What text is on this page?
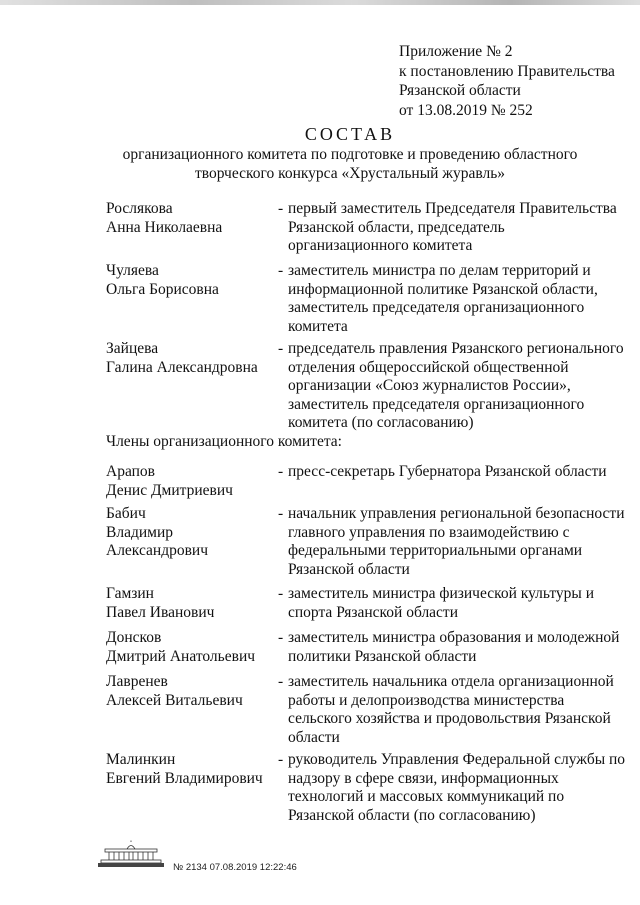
Приложение № 2
к постановлению Правительства
Рязанской области
от 13.08.2019 № 252
СОСТАВ
организационного комитета по подготовке и проведению областного
творческого конкурса «Хрустальный журавль»
Рослякова
Анна Николаевна
- первый заместитель Председателя Правительства Рязанской области, председатель организационного комитета
Чуляева
Ольга Борисовна
- заместитель министра по делам территорий и информационной политике Рязанской области, заместитель председателя организационного комитета
Зайцева
Галина Александровна
- председатель правления Рязанского регионального отделения общероссийской общественной организации «Союз журналистов России», заместитель председателя организационного комитета (по согласованию)
Члены организационного комитета:
Арапов
Денис Дмитриевич
- пресс-секретарь Губернатора Рязанской области
Бабич
Владимир
Александрович
- начальник управления региональной безопасности главного управления по взаимодействию с федеральными территориальными органами Рязанской области
Гамзин
Павел Иванович
- заместитель министра физической культуры и спорта Рязанской области
Донсков
Дмитрий Анатольевич
- заместитель министра образования и молодежной политики Рязанской области
Лавренев
Алексей Витальевич
- заместитель начальника отдела организационной работы и делопроизводства министерства сельского хозяйства и продовольствия Рязанской области
Малинкин
Евгений Владимирович
- руководитель Управления Федеральной службы по надзору в сфере связи, информационных технологий и массовых коммуникаций по Рязанской области (по согласованию)
№ 2134 07.08.2019 12:22:46
